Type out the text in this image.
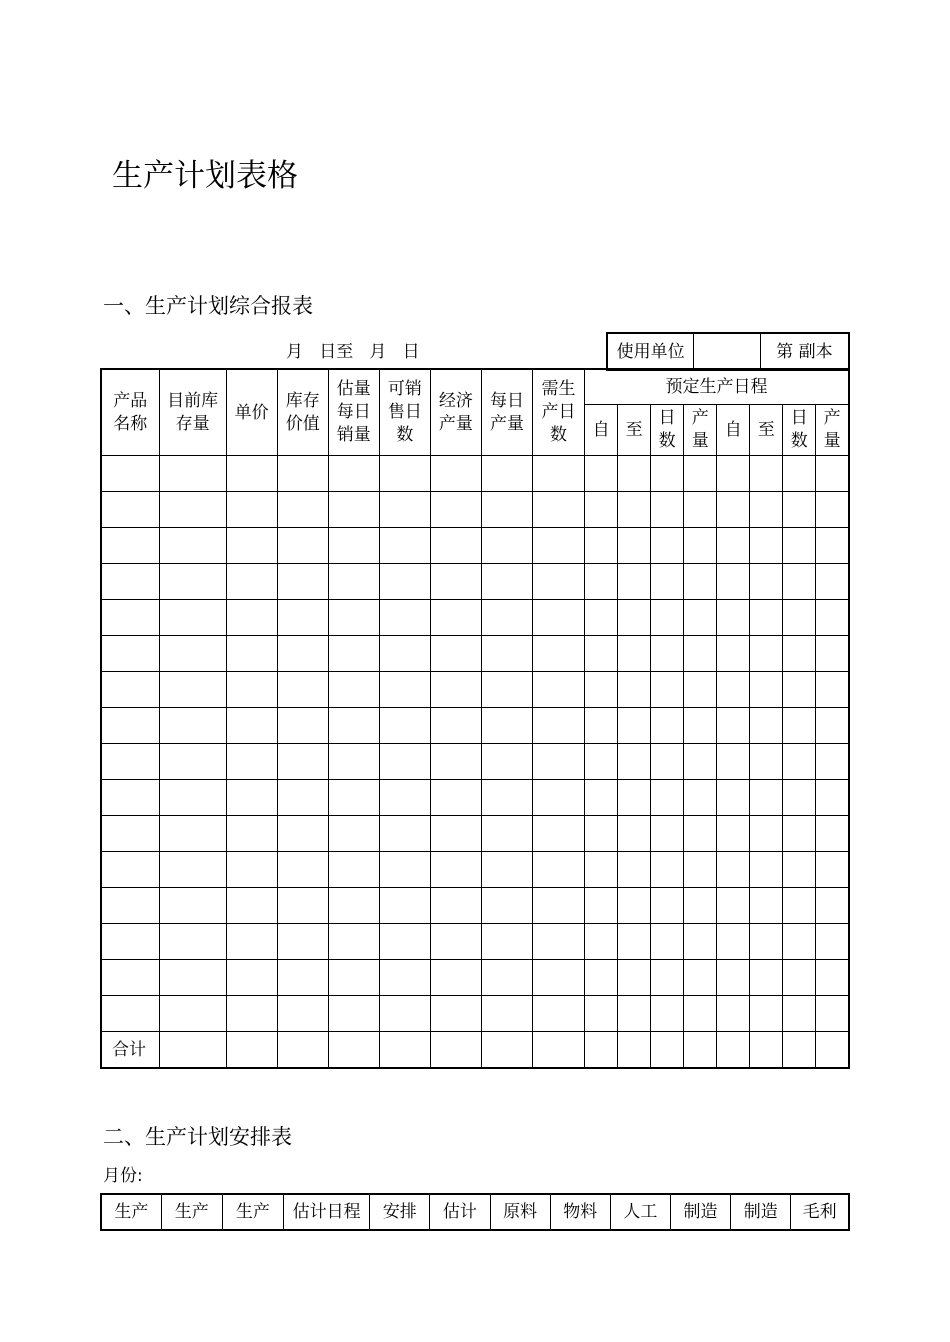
生产计划表格
一、生产计划综合报表
月   日至   月   日	使用单位		第 副本
产品名称	目前库存量	单价	库存价值	估量每日销量	可销售日数	经济产量	每日产量	需生产日数	预定生产日程							
									自	至	日数	产量	自	至	日数	产量

合计																
二、生产计划安排表
月份:
生产	生产	生产	估计日程	安排	估计	原料	物料	人工	制造	制造	毛利
